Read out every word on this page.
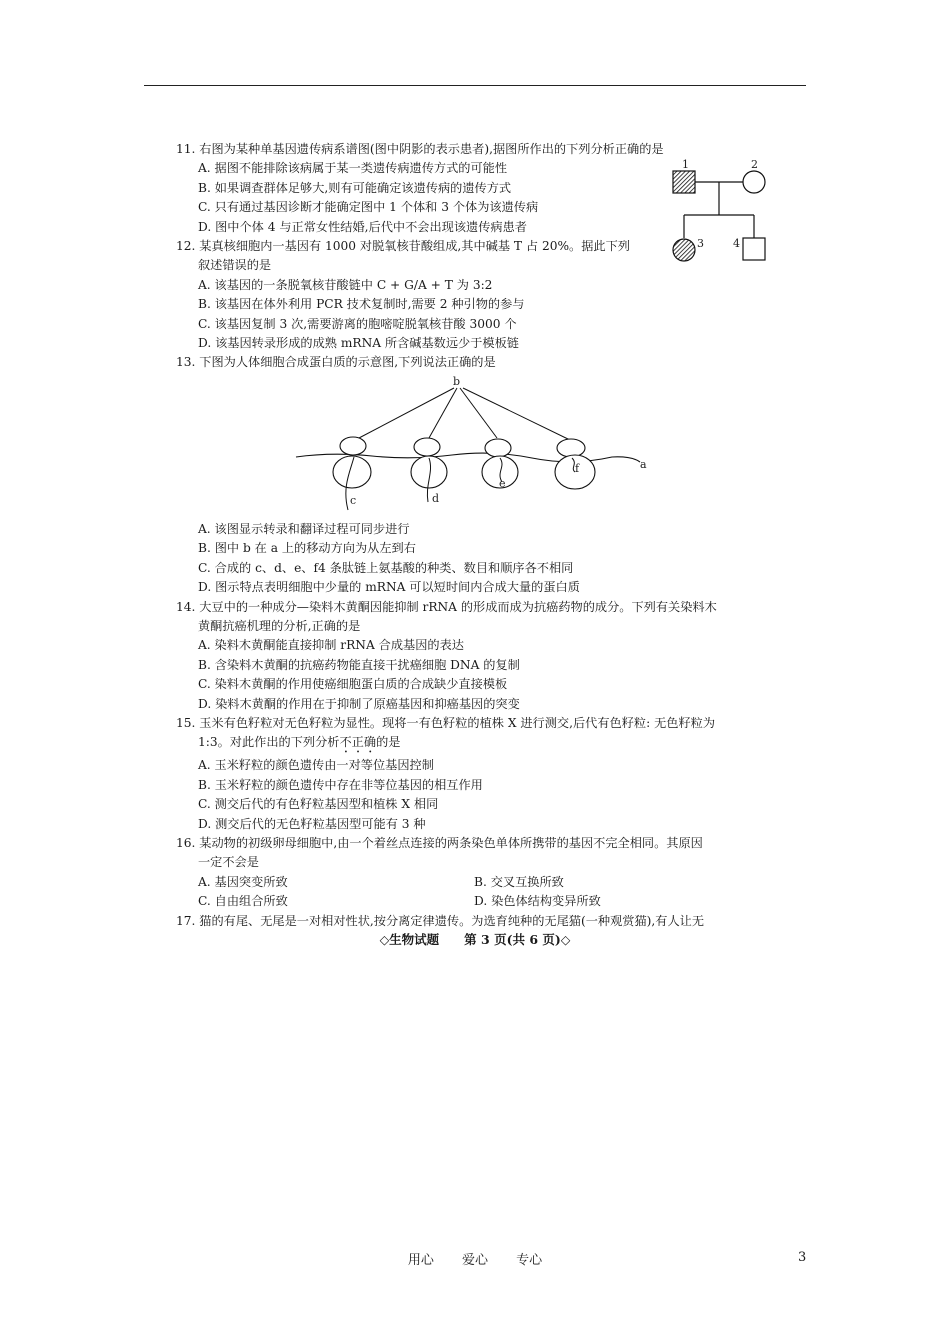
11. 右图为某种单基因遗传病系谱图(图中阴影的表示患者),据图所作出的下列分析正确的是
A. 据图不能排除该病属于某一类遗传病遗传方式的可能性
B. 如果调查群体足够大,则有可能确定该遗传病的遗传方式
C. 只有通过基因诊断才能确定图中 1 个体和 3 个体为该遗传病
D. 图中个体 4 与正常女性结婚,后代中不会出现该遗传病患者
12. 某真核细胞内一基因有 1000 对脱氧核苷酸组成,其中碱基 T 占 20%。据此下列
叙述错误的是
A. 该基因的一条脱氧核苷酸链中 C + G/A + T 为 3:2
B. 该基因在体外利用 PCR 技术复制时,需要 2 种引物的参与
C. 该基因复制 3 次,需要游离的胞嘧啶脱氧核苷酸 3000 个
D. 该基因转录形成的成熟 mRNA 所含碱基数远少于模板链
13. 下图为人体细胞合成蛋白质的示意图,下列说法正确的是
A. 该图显示转录和翻译过程可同步进行
B. 图中 b 在 a 上的移动方向为从左到右
C. 合成的 c、d、e、f4 条肽链上氨基酸的种类、数目和顺序各不相同
D. 图示特点表明细胞中少量的 mRNA 可以短时间内合成大量的蛋白质
14. 大豆中的一种成分—染料木黄酮因能抑制 rRNA 的形成而成为抗癌药物的成分。下列有关染料木
黄酮抗癌机理的分析,正确的是
A. 染料木黄酮能直接抑制 rRNA 合成基因的表达
B. 含染料木黄酮的抗癌药物能直接干扰癌细胞 DNA 的复制
C. 染料木黄酮的作用使癌细胞蛋白质的合成缺少直接模板
D. 染料木黄酮的作用在于抑制了原癌基因和抑癌基因的突变
15. 玉米有色籽粒对无色籽粒为显性。现将一有色籽粒的植株 X 进行测交,后代有色籽粒: 无色籽粒为
1:3。对此作出的下列分析不正确的是
A. 玉米籽粒的颜色遗传由一对等位基因控制
B. 玉米籽粒的颜色遗传中存在非等位基因的相互作用
C. 测交后代的有色籽粒基因型和植株 X 相同
D. 测交后代的无色籽粒基因型可能有 3 种
16. 某动物的初级卵母细胞中,由一个着丝点连接的两条染色单体所携带的基因不完全相同。其原因
一定不会是
A. 基因突变所致	B. 交叉互换所致
C. 自由组合所致	D. 染色体结构变异所致
17. 猫的有尾、无尾是一对相对性状,按分离定律遗传。为选育纯种的无尾猫(一种观赏猫),有人让无
1	2
3	4
b
a
c	d
e
f
◇生物试题　　第 3 页(共 6 页)◇
用心 爱心 专心	3
